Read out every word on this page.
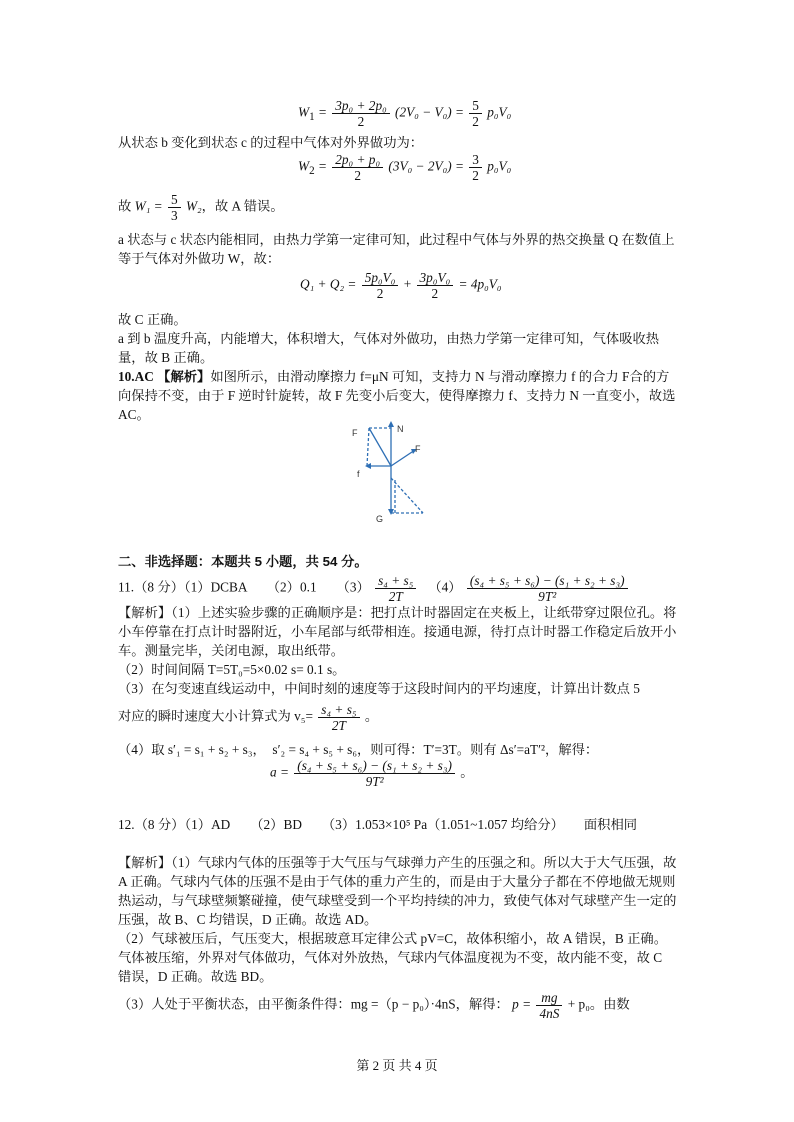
$W_1 = \frac{\text{3p₀ + 2p₀}}{2} (2V_0 - V_0) = \frac{5}{2} p_0V_0$
从状态 b 变化到状态 c 的过程中气体对外界做功为：
$W_2 = \frac{\text{2p₀ + p₀}}{2} (3V_0 - 2V_0) = \frac{3}{2} p_0V_0$
故 $W_1 = \frac{5}{3} W_2$，故 A 错误。
a 状态与 c 状态内能相同，由热力学第一定律可知，此过程中气体与外界的热交换量 Q 在数值上等于气体对外做功 W，故：
$Q_1 + Q_2 = \frac{\text{5p₀V₀}}{2} + \frac{\text{3p₀V₀}}{2} = 4p_0V_0$
故 C 正确。
a 到 b 温度升高，内能增大，体积增大，气体对外做功，由热力学第一定律可知，气体吸收热量，故 B 正确。
10.AC 【解析】如图所示，由滑动摩擦力 f=μN 可知，支持力 N 与滑动摩擦力 f 的合力 F合的方向保持不变，由于 F 逆时针旋转，故 F 先变小后变大，使得摩擦力 f、支持力 N 一直变小，故选 AC。
F	N
F
f
G
二、非选择题：本题共 5 小题，共 54 分。
11.（8 分）（1）DCBA　　（2）0.1　　$(3) \frac{\text{s₄ + s₅}}{2T}$
　 $(4) \frac{\text{(s₄ + s₅ + s₆) − (s₁ + s₂ + s₃)}}{\text{9T²}}$
【解析】（1）上述实验步骤的正确顺序是：把打点计时器固定在夹板上，让纸带穿过限位孔。将小车停靠在打点计时器附近，小车尾部与纸带相连。接通电源，待打点计时器工作稳定后放开小车。测量完毕，关闭电源，取出纸带。
（2）时间间隔 T=5T₀=5×0.02 s= 0.1 s。
（3）在匀变速直线运动中，中间时刻的速度等于这段时间内的平均速度，计算出计数点 5
对应的瞬时速度大小计算式为 $v_5= \frac{\text{s₄ + s₅}}{2T}$ 。
（4）取 s′₁ = s₁ + s₂ + s₃，　s′₂ = s₄ + s₅ + s₆，则可得：T′=3T。则有 Δs′=aT′²，解得：
$a = \frac{\text{(s₄ + s₅ + s₆) − (s₁ + s₂ + s₃)}}{\text{9T²}}$ 。
12.（8 分）（1）AD　　（2）BD　　（3）1.053×10⁵ Pa（1.051~1.057 均给分）　　面积相同
【解析】（1）气球内气体的压强等于大气压与气球弹力产生的压强之和。所以大于大气压强，故 A 正确。气球内气体的压强不是由于气体的重力产生的，而是由于大量分子都在不停地做无规则热运动，与气球壁频繁碰撞，使气球壁受到一个平均持续的冲力，致使气体对气球壁产生一定的压强，故 B、C 均错误，D 正确。故选 AD。
（2）气球被压后，气压变大，根据玻意耳定律公式 pV=C，故体积缩小，故 A 错误，B 正确。气体被压缩，外界对气体做功，气体对外放热，气球内气体温度视为不变，故内能不变，故 C 错误，D 正确。故选 BD。
（3）人处于平衡状态，由平衡条件得：mg =（p − p₀）·4nS，解得： $p = \frac{mg}{4nS} + p_0$。由数
第 2 页 共 4 页
